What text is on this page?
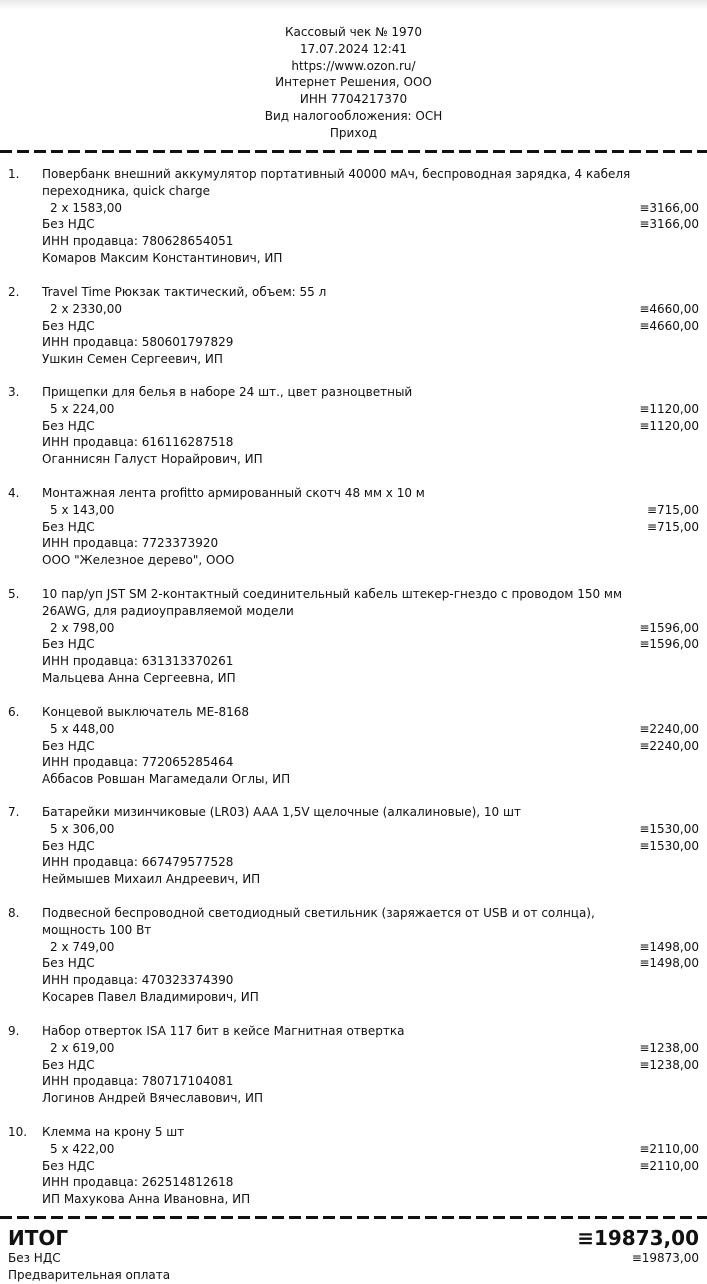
Кассовый чек № 1970
17.07.2024 12:41
https://www.ozon.ru/
Интернет Решения, ООО
ИНН 7704217370
Вид налогообложения: ОСН
Приход
1. Повербанк внешний аккумулятор портативный 40000 мАч, беспроводная зарядка, 4 кабеля
переходника, quick charge
2 x 1583,00	≡3166,00
Без НДС	≡3166,00
ИНН продавца: 780628654051
Комаров Максим Константинович, ИП
2. Travel Time Рюкзак тактический, объем: 55 л
2 x 2330,00	≡4660,00
Без НДС	≡4660,00
ИНН продавца: 580601797829
Ушкин Семен Сергеевич, ИП
3. Прищепки для белья в наборе 24 шт., цвет разноцветный
5 x 224,00	≡1120,00
Без НДС	≡1120,00
ИНН продавца: 616116287518
Оганнисян Галуст Норайрович, ИП
4. Монтажная лента profitto армированный скотч 48 мм x 10 м
5 x 143,00	≡715,00
Без НДС	≡715,00
ИНН продавца: 7723373920
ООО "Железное дерево", ООО
5. 10 пар/уп JST SM 2-контактный соединительный кабель штекер-гнездо с проводом 150 мм
26AWG, для радиоуправляемой модели
2 x 798,00	≡1596,00
Без НДС	≡1596,00
ИНН продавца: 631313370261
Мальцева Анна Сергеевна, ИП
6. Концевой выключатель ME-8168
5 x 448,00	≡2240,00
Без НДС	≡2240,00
ИНН продавца: 772065285464
Аббасов Ровшан Магамедали Оглы, ИП
7. Батарейки мизинчиковые (LR03) AAA 1,5V щелочные (алкалиновые), 10 шт
5 x 306,00	≡1530,00
Без НДС	≡1530,00
ИНН продавца: 667479577528
Неймышев Михаил Андреевич, ИП
8. Подвесной беспроводной светодиодный светильник (заряжается от USB и от солнца),
мощность 100 Вт
2 x 749,00	≡1498,00
Без НДС	≡1498,00
ИНН продавца: 470323374390
Косарев Павел Владимирович, ИП
9. Набор отверток ISA 117 бит в кейсе Магнитная отвертка
2 x 619,00	≡1238,00
Без НДС	≡1238,00
ИНН продавца: 780717104081
Логинов Андрей Вячеславович, ИП
10. Клемма на крону 5 шт
5 x 422,00	≡2110,00
Без НДС	≡2110,00
ИНН продавца: 262514812618
ИП Махукова Анна Ивановна, ИП
ИТОГ	≡19873,00
Без НДС	≡19873,00
Предварительная оплата
